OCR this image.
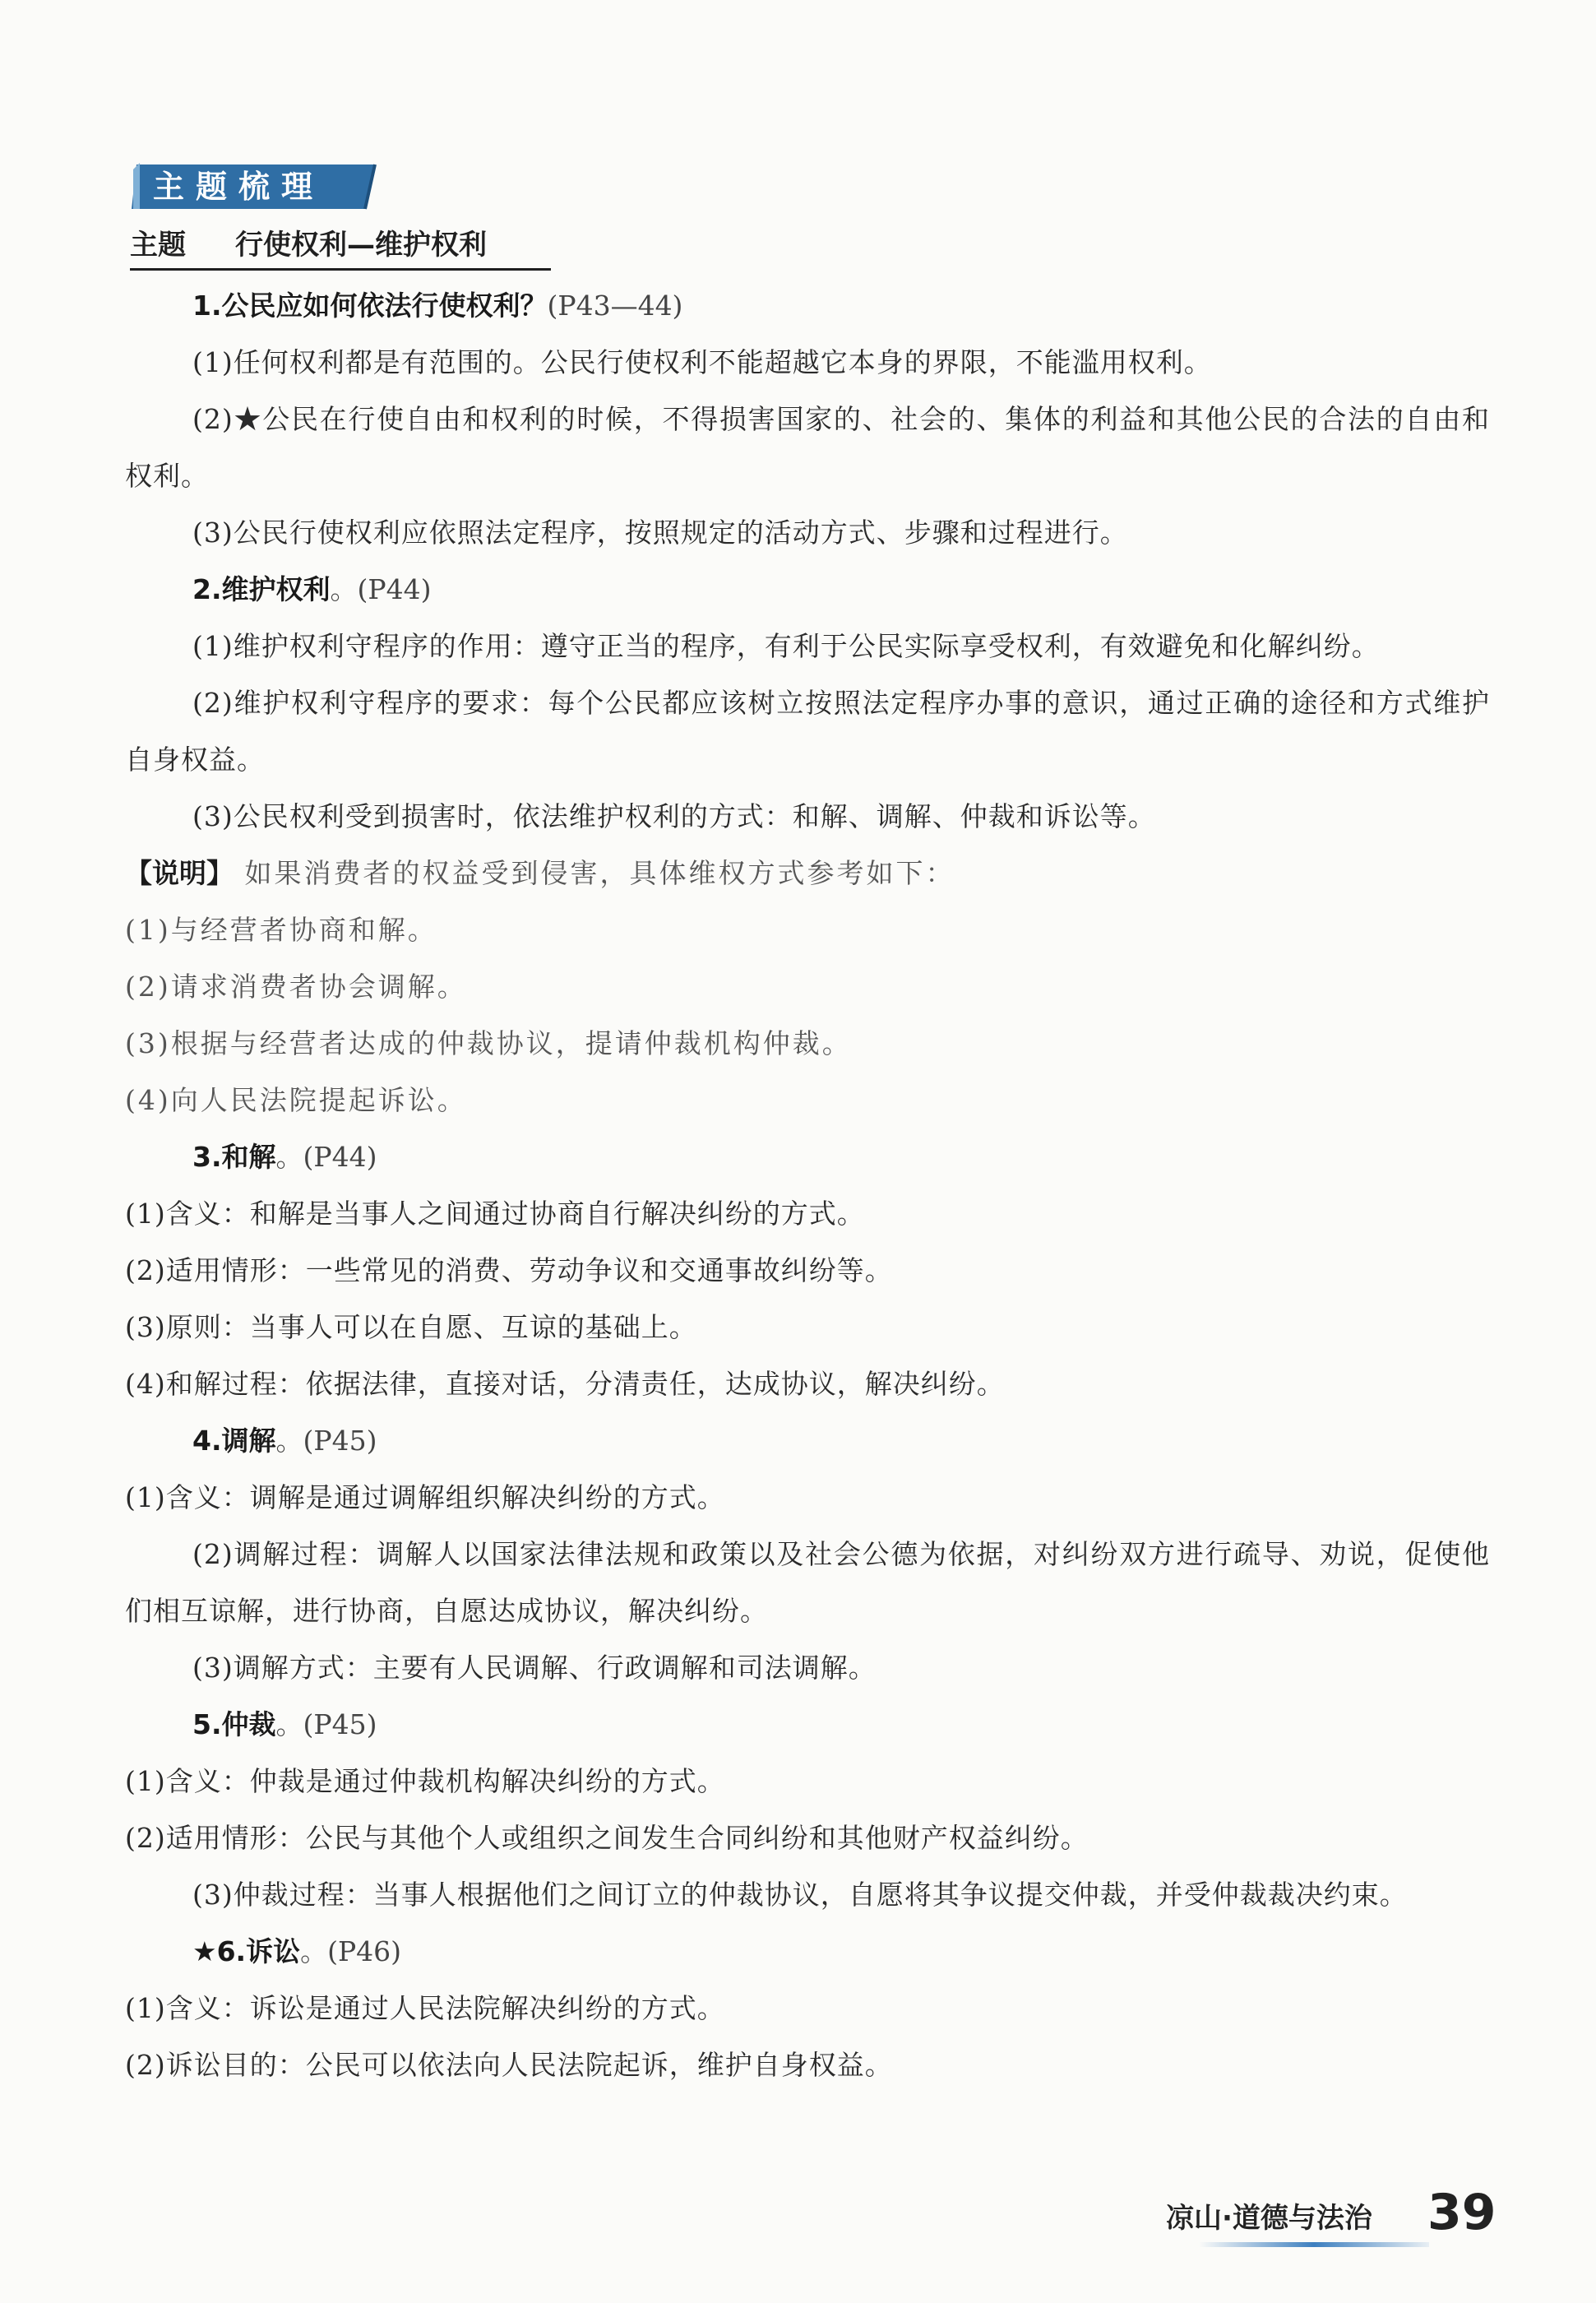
主题梳理
主题 行使权利—维护权利

1.公民应如何依法行使权利？(P43—44)

(1)任何权利都是有范围的。公民行使权利不能超越它本身的界限，不能滥用权利。

(2)★公民在行使自由和权利的时候，不得损害国家的、社会的、集体的利益和其他公民的合法的自由和权利。

(3)公民行使权利应依照法定程序，按照规定的活动方式、步骤和过程进行。

2.维护权利。(P44)

(1)维护权利守程序的作用：遵守正当的程序，有利于公民实际享受权利，有效避免和化解纠纷。

(2)维护权利守程序的要求：每个公民都应该树立按照法定程序办事的意识，通过正确的途径和方式维护自身权益。

(3)公民权利受到损害时，依法维护权利的方式：和解、调解、仲裁和诉讼等。

【说明】 如果消费者的权益受到侵害，具体维权方式参考如下：

(1)与经营者协商和解。

(2)请求消费者协会调解。

(3)根据与经营者达成的仲裁协议，提请仲裁机构仲裁。

(4)向人民法院提起诉讼。

3.和解。(P44)

(1)含义：和解是当事人之间通过协商自行解决纠纷的方式。

(2)适用情形：一些常见的消费、劳动争议和交通事故纠纷等。

(3)原则：当事人可以在自愿、互谅的基础上。

(4)和解过程：依据法律，直接对话，分清责任，达成协议，解决纠纷。

4.调解。(P45)

(1)含义：调解是通过调解组织解决纠纷的方式。

(2)调解过程：调解人以国家法律法规和政策以及社会公德为依据，对纠纷双方进行疏导、劝说，促使他们相互谅解，进行协商，自愿达成协议，解决纠纷。

(3)调解方式：主要有人民调解、行政调解和司法调解。

5.仲裁。(P45)

(1)含义：仲裁是通过仲裁机构解决纠纷的方式。

(2)适用情形：公民与其他个人或组织之间发生合同纠纷和其他财产权益纠纷。

(3)仲裁过程：当事人根据他们之间订立的仲裁协议，自愿将其争议提交仲裁，并受仲裁裁决约束。

★6.诉讼。(P46)

(1)含义：诉讼是通过人民法院解决纠纷的方式。

(2)诉讼目的：公民可以依法向人民法院起诉，维护自身权益。

凉山·道德与法治 39
